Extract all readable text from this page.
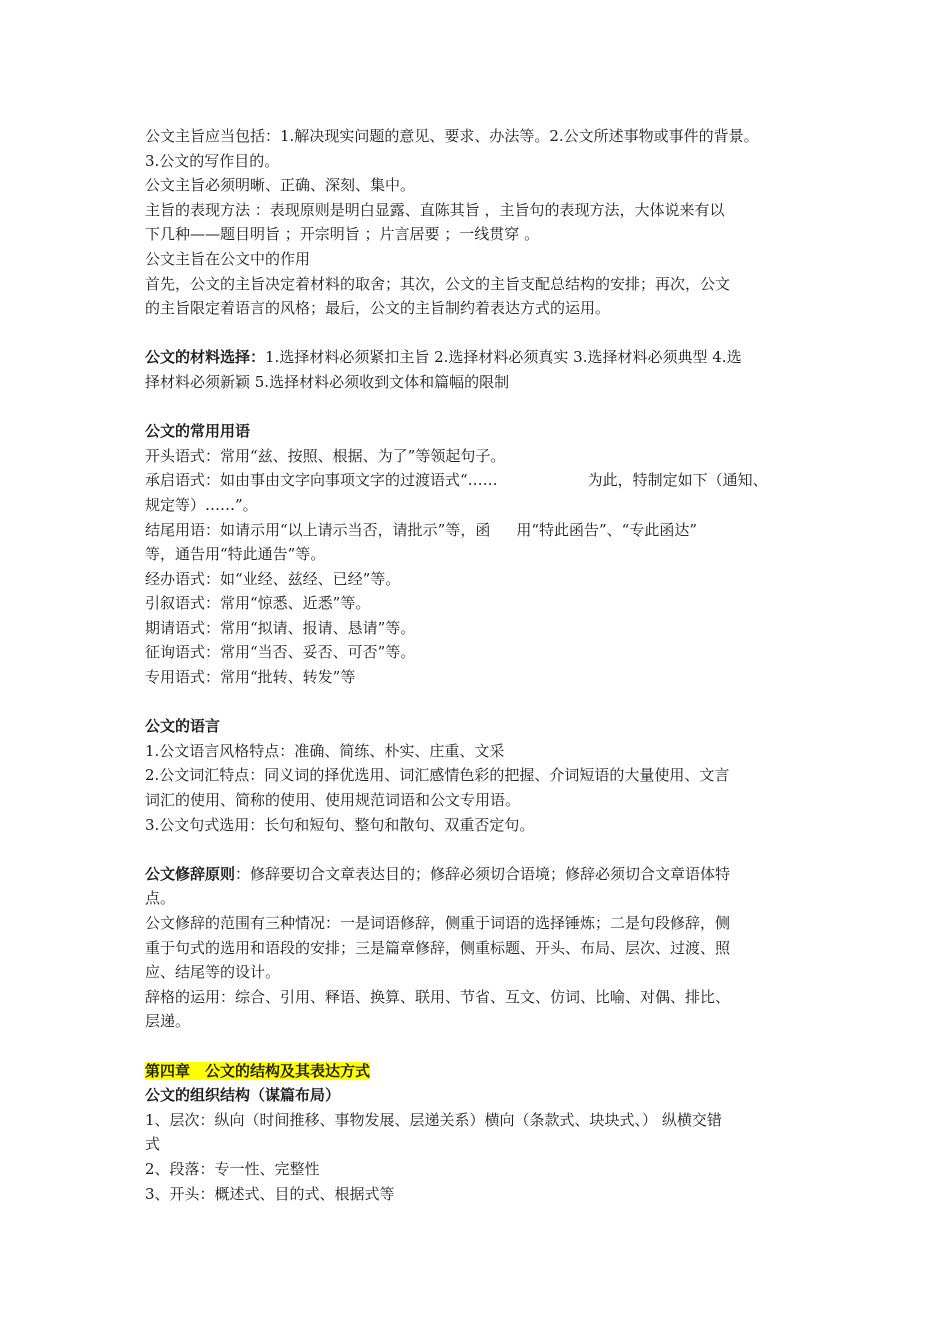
公文主旨应当包括：1.解决现实问题的意见、要求、办法等。2.公文所述事物或事件的背景。
3.公文的写作目的。
公文主旨必须明晰、正确、深刻、集中。
主旨的表现方法 ：表现原则是明白显露、直陈其旨 ，主旨句的表现方法，大体说来有以
下几种——题目明旨 ；开宗明旨 ；片言居要 ；一线贯穿 。
公文主旨在公文中的作用
首先，公文的主旨决定着材料的取舍；其次，公文的主旨支配总结构的安排；再次，公文
的主旨限定着语言的风格；最后，公文的主旨制约着表达方式的运用。
公文的材料选择：1.选择材料必须紧扣主旨 2.选择材料必须真实 3.选择材料必须典型 4.选
择材料必须新颖 5.选择材料必须收到文体和篇幅的限制
公文的常用用语
开头语式：常用“兹、按照、根据、为了”等领起句子。
承启语式：如由事由文字向事项文字的过渡语式“……	为此，特制定如下（通知、
规定等）……”。
结尾用语：如请示用“以上请示当否，请批示”等，函 用“特此函告”、“专此函达”
等，通告用“特此通告”等。
经办语式：如“业经、兹经、已经”等。
引叙语式：常用“惊悉、近悉”等。
期请语式：常用“拟请、报请、恳请”等。
征询语式：常用“当否、妥否、可否”等。
专用语式：常用“批转、转发”等
公文的语言
1.公文语言风格特点：准确、简练、朴实、庄重、文采
2.公文词汇特点：同义词的择优选用、词汇感情色彩的把握、介词短语的大量使用、文言
词汇的使用、简称的使用、使用规范词语和公文专用语。
3.公文句式选用：长句和短句、整句和散句、双重否定句。
公文修辞原则：修辞要切合文章表达目的；修辞必须切合语境；修辞必须切合文章语体特
点。
公文修辞的范围有三种情况：一是词语修辞，侧重于词语的选择锤炼；二是句段修辞，侧
重于句式的选用和语段的安排；三是篇章修辞，侧重标题、开头、布局、层次、过渡、照
应、结尾等的设计。
辞格的运用：综合、引用、释语、换算、联用、节省、互文、仿词、比喻、对偶、排比、
层递。
第四章　公文的结构及其表达方式
公文的组织结构（谋篇布局）
1、层次：纵向（时间推移、事物发展、层递关系）横向（条款式、块块式、） 纵横交错
式
2、段落：专一性、完整性
3、开头：概述式、目的式、根据式等
